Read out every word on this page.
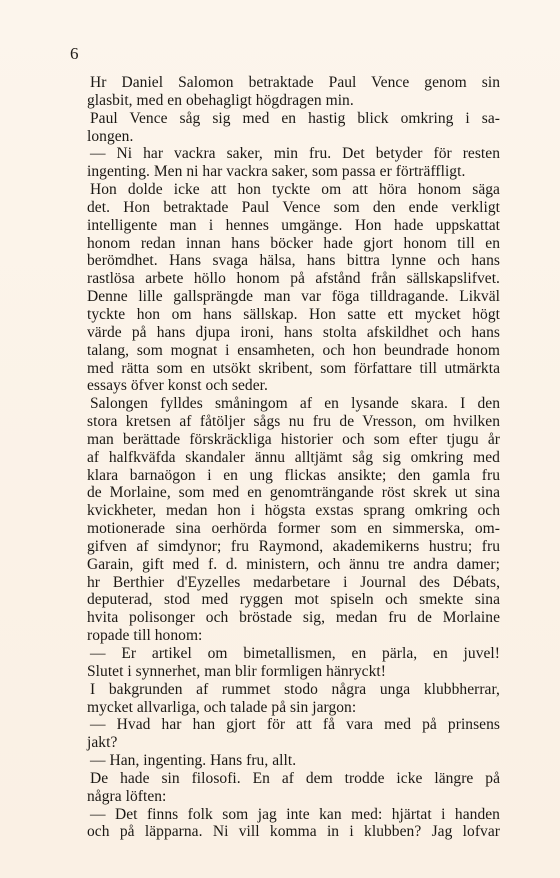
6
Hr Daniel Salomon betraktade Paul Vence genom sin
glasbit, med en obehagligt högdragen min.
Paul Vence såg sig med en hastig blick omkring i sa-
longen.
— Ni har vackra saker, min fru. Det betyder för resten
ingenting. Men ni har vackra saker, som passa er förträffligt.
Hon dolde icke att hon tyckte om att höra honom säga
det. Hon betraktade Paul Vence som den ende verkligt
intelligente man i hennes umgänge. Hon hade uppskattat
honom redan innan hans böcker hade gjort honom till en
berömdhet. Hans svaga hälsa, hans bittra lynne och hans
rastlösa arbete höllo honom på afstånd från sällskapslifvet.
Denne lille gallsprängde man var föga tilldragande. Likväl
tyckte hon om hans sällskap. Hon satte ett mycket högt
värde på hans djupa ironi, hans stolta afskildhet och hans
talang, som mognat i ensamheten, och hon beundrade honom
med rätta som en utsökt skribent, som författare till utmärkta
essays öfver konst och seder.
Salongen fylldes småningom af en lysande skara. I den
stora kretsen af fåtöljer sågs nu fru de Vresson, om hvilken
man berättade förskräckliga historier och som efter tjugu år
af halfkväfda skandaler ännu alltjämt såg sig omkring med
klara barnaögon i en ung flickas ansikte; den gamla fru
de Morlaine, som med en genomträngande röst skrek ut sina
kvickheter, medan hon i högsta exstas sprang omkring och
motionerade sina oerhörda former som en simmerska, om-
gifven af simdynor; fru Raymond, akademikerns hustru; fru
Garain, gift med f. d. ministern, och ännu tre andra damer;
hr Berthier d'Eyzelles medarbetare i Journal des Débats,
deputerad, stod med ryggen mot spiseln och smekte sina
hvita polisonger och bröstade sig, medan fru de Morlaine
ropade till honom:
— Er artikel om bimetallismen, en pärla, en juvel!
Slutet i synnerhet, man blir formligen hänryckt!
I bakgrunden af rummet stodo några unga klubbherrar,
mycket allvarliga, och talade på sin jargon:
— Hvad har han gjort för att få vara med på prinsens
jakt?
— Han, ingenting. Hans fru, allt.
De hade sin filosofi. En af dem trodde icke längre på
några löften:
— Det finns folk som jag inte kan med: hjärtat i handen
och på läpparna. Ni vill komma in i klubben? Jag lofvar
